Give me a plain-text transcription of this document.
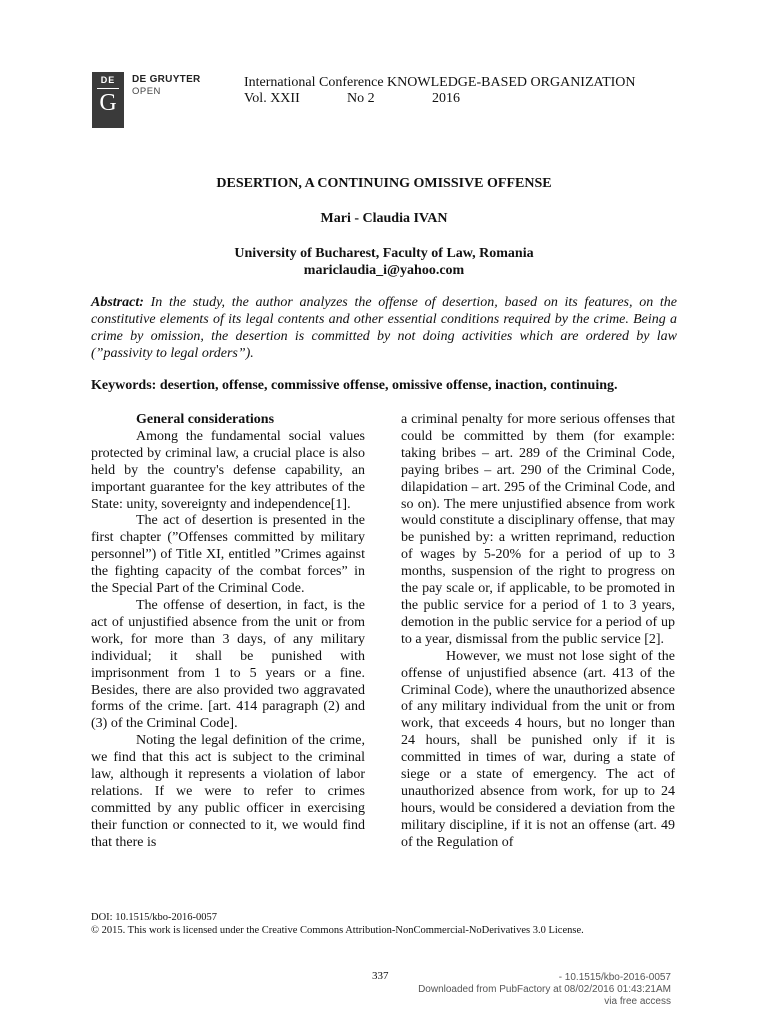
DE
G
DE GRUYTER
OPEN
International Conference KNOWLEDGE-BASED ORGANIZATION
Vol. XXII	No 2	2016
DESERTION, A CONTINUING OMISSIVE OFFENSE
Mari - Claudia IVAN
University of Bucharest, Faculty of Law, Romania
mariclaudia_i@yahoo.com
Abstract: In the study, the author analyzes the offense of desertion, based on its features, on the constitutive elements of its legal contents and other essential conditions required by the crime. Being a crime by omission, the desertion is committed by not doing activities which are ordered by law (”passivity to legal orders”).
Keywords: desertion, offense, commissive offense, omissive offense, inaction, continuing.

General considerations

Among the fundamental social values protected by criminal law, a crucial place is also held by the country's defense capability, an important guarantee for the key attributes of the State: unity, sovereignty and independence[1].

The act of desertion is presented in the first chapter (”Offenses committed by military personnel”) of Title XI, entitled ”Crimes against the fighting capacity of the combat forces” in the Special Part of the Criminal Code.

The offense of desertion, in fact, is the act of unjustified absence from the unit or from work, for more than 3 days, of any military individual; it shall be punished with imprisonment from 1 to 5 years or a fine. Besides, there are also provided two aggravated forms of the crime. [art. 414 paragraph (2) and (3) of the Criminal Code].

Noting the legal definition of the crime, we find that this act is subject to the criminal law, although it represents a violation of labor relations. If we were to refer to crimes committed by any public officer in exercising their function or connected to it, we would find that there is

a criminal penalty for more serious offenses that could be committed by them (for example: taking bribes – art. 289 of the Criminal Code, paying bribes – art. 290 of the Criminal Code, dilapidation – art. 295 of the Criminal Code, and so on). The mere unjustified absence from work would constitute a disciplinary offense, that may be punished by: a written reprimand, reduction of wages by 5-20% for a period of up to 3 months, suspension of the right to progress on the pay scale or, if applicable, to be promoted in the public service for a period of 1 to 3 years, demotion in the public service for a period of up to a year, dismissal from the public service [2].

However, we must not lose sight of the offense of unjustified absence (art. 413 of the Criminal Code), where the unauthorized absence of any military individual from the unit or from work, that exceeds 4 hours, but no longer than 24 hours, shall be punished only if it is committed in times of war, during a state of siege or a state of emergency. The act of unauthorized absence from work, for up to 24 hours, would be considered a deviation from the military discipline, if it is not an offense (art. 49 of the Regulation of

DOI: 10.1515/kbo-2016-0057
© 2015. This work is licensed under the Creative Commons Attribution-NonCommercial-NoDerivatives 3.0 License.
337	- 10.1515/kbo-2016-0057
Downloaded from PubFactory at 08/02/2016 01:43:21AM
via free access
